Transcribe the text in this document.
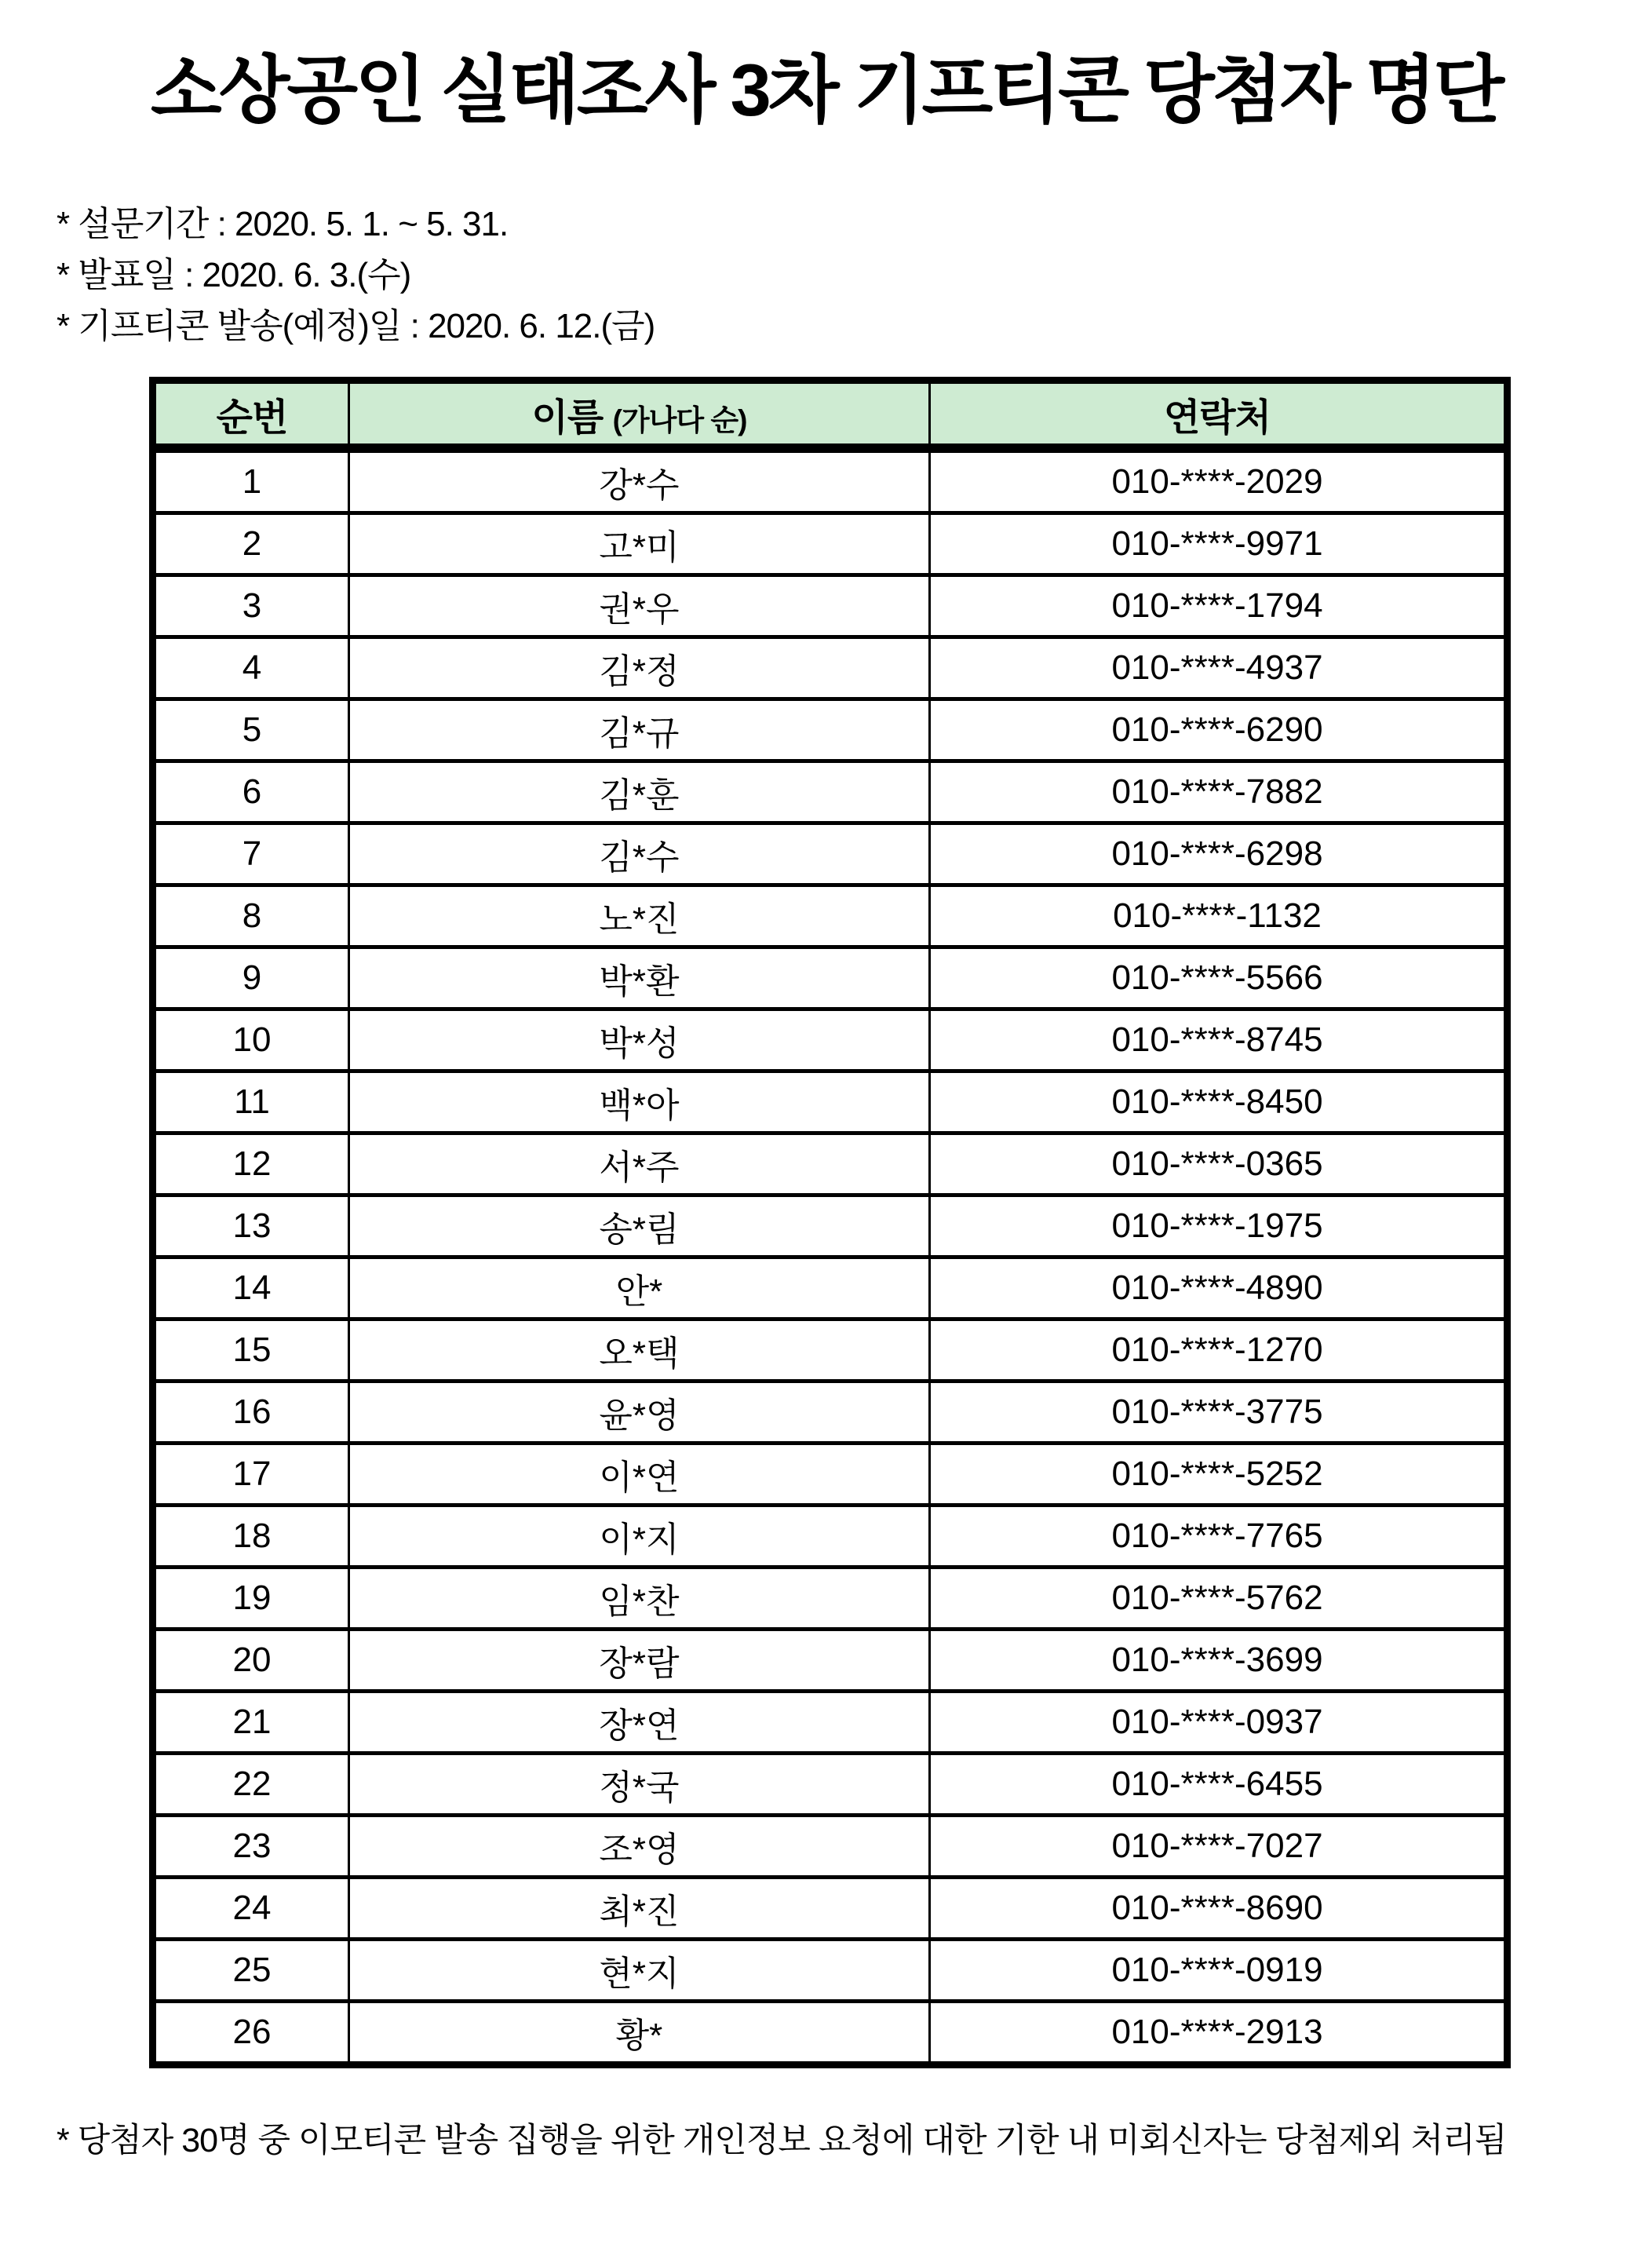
소상공인 실태조사 3차 기프티콘 당첨자 명단
* 설문기간 : 2020. 5. 1. ~ 5. 31.
* 발표일 : 2020. 6. 3.(수)
* 기프티콘 발송(예정)일 : 2020. 6. 12.(금)
순번	이름 (가나다 순)	연락처
1	강*수	010-****-2029
2	고*미	010-****-9971
3	권*우	010-****-1794
4	김*정	010-****-4937
5	김*규	010-****-6290
6	김*훈	010-****-7882
7	김*수	010-****-6298
8	노*진	010-****-1132
9	박*환	010-****-5566
10	박*성	010-****-8745
11	백*아	010-****-8450
12	서*주	010-****-0365
13	송*림	010-****-1975
14	안*	010-****-4890
15	오*택	010-****-1270
16	윤*영	010-****-3775
17	이*연	010-****-5252
18	이*지	010-****-7765
19	임*찬	010-****-5762
20	장*람	010-****-3699
21	장*연	010-****-0937
22	정*국	010-****-6455
23	조*영	010-****-7027
24	최*진	010-****-8690
25	현*지	010-****-0919
26	황*	010-****-2913
* 당첨자 30명 중 이모티콘 발송 집행을 위한 개인정보 요청에 대한 기한 내 미회신자는 당첨제외 처리됨
